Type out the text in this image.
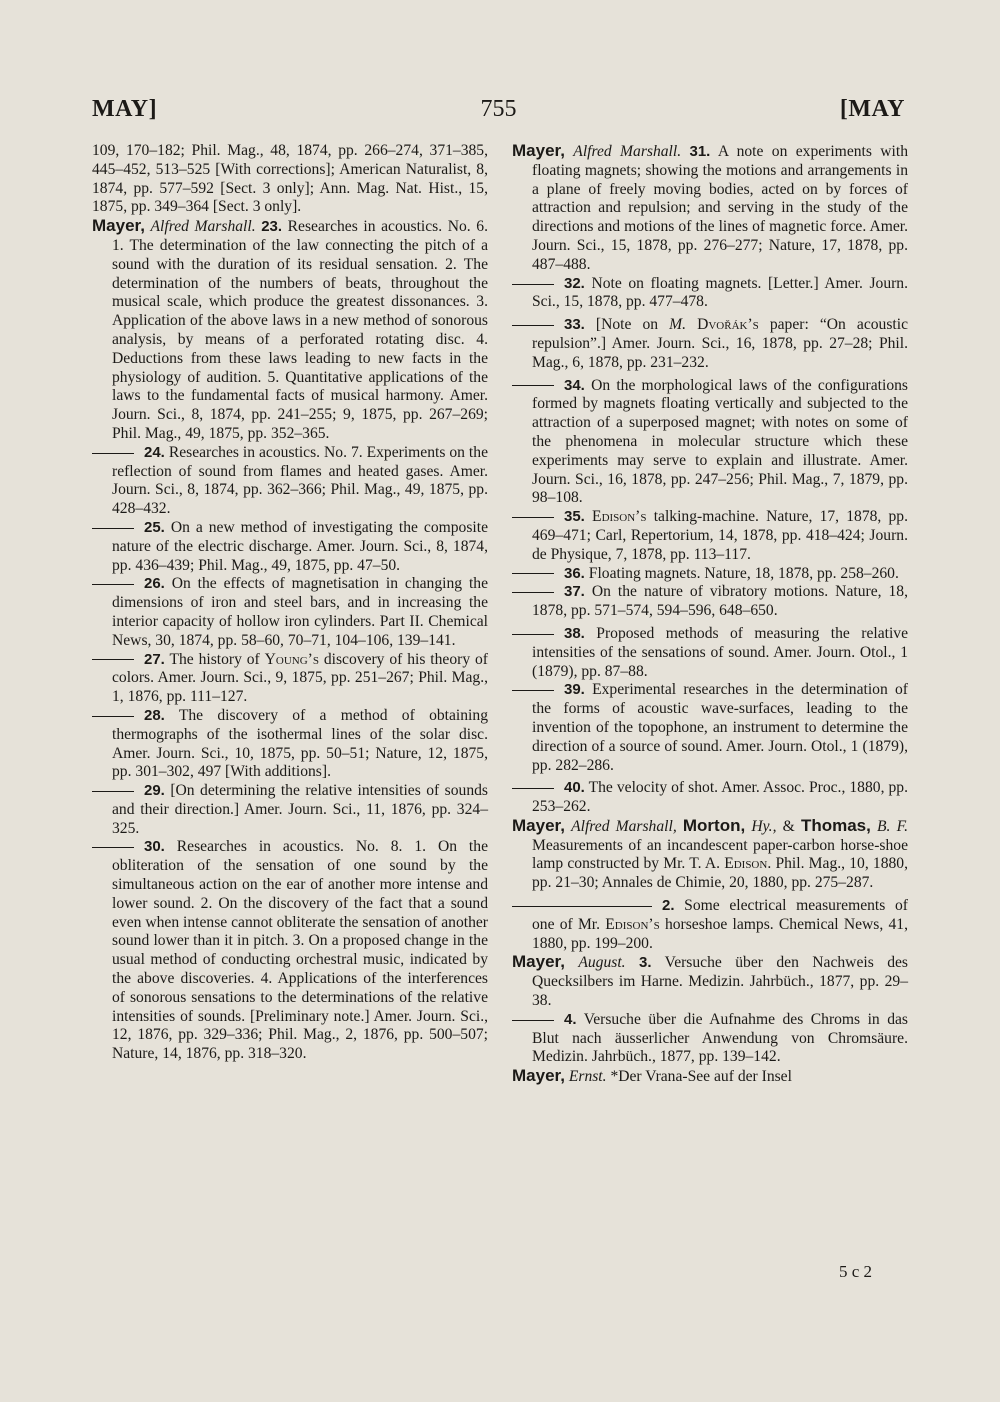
MAY]	755	[MAY

109, 170–182; Phil. Mag., 48, 1874, pp. 266–274, 371–385, 445–452, 513–525 [With corrections]; American Naturalist, 8, 1874, pp. 577–592 [Sect. 3 only]; Ann. Mag. Nat. Hist., 15, 1875, pp. 349–364 [Sect. 3 only].

Mayer, Alfred Marshall. 23. Researches in acoustics. No. 6. 1. The determination of the law connecting the pitch of a sound with the duration of its residual sensation. 2. The determination of the numbers of beats, throughout the musical scale, which produce the greatest dissonances. 3. Application of the above laws in a new method of sonorous analysis, by means of a perforated rotating disc. 4. Deductions from these laws leading to new facts in the physiology of audition. 5. Quantitative applications of the laws to the fundamental facts of musical harmony. Amer. Journ. Sci., 8, 1874, pp. 241–255; 9, 1875, pp. 267–269; Phil. Mag., 49, 1875, pp. 352–365.

24. Researches in acoustics. No. 7. Experiments on the reflection of sound from flames and heated gases. Amer. Journ. Sci., 8, 1874, pp. 362–366; Phil. Mag., 49, 1875, pp. 428–432.

25. On a new method of investigating the composite nature of the electric discharge. Amer. Journ. Sci., 8, 1874, pp. 436–439; Phil. Mag., 49, 1875, pp. 47–50.

26. On the effects of magnetisation in changing the dimensions of iron and steel bars, and in increasing the interior capacity of hollow iron cylinders. Part II. Chemical News, 30, 1874, pp. 58–60, 70–71, 104–106, 139–141.

27. The history of Young’s discovery of his theory of colors. Amer. Journ. Sci., 9, 1875, pp. 251–267; Phil. Mag., 1, 1876, pp. 111–127.

28. The discovery of a method of obtaining thermographs of the isothermal lines of the solar disc. Amer. Journ. Sci., 10, 1875, pp. 50–51; Nature, 12, 1875, pp. 301–302, 497 [With additions].

29. [On determining the relative intensities of sounds and their direction.] Amer. Journ. Sci., 11, 1876, pp. 324–325.

30. Researches in acoustics. No. 8. 1. On the obliteration of the sensation of one sound by the simultaneous action on the ear of another more intense and lower sound. 2. On the discovery of the fact that a sound even when intense cannot obliterate the sensation of another sound lower than it in pitch. 3. On a proposed change in the usual method of conducting orchestral music, indicated by the above discoveries. 4. Applications of the interferences of sonorous sensations to the determinations of the relative intensities of sounds. [Preliminary note.] Amer. Journ. Sci., 12, 1876, pp. 329–336; Phil. Mag., 2, 1876, pp. 500–507; Nature, 14, 1876, pp. 318–320.

Mayer, Alfred Marshall. 31. A note on experiments with floating magnets; showing the motions and arrangements in a plane of freely moving bodies, acted on by forces of attraction and repulsion; and serving in the study of the directions and motions of the lines of magnetic force. Amer. Journ. Sci., 15, 1878, pp. 276–277; Nature, 17, 1878, pp. 487–488.

32. Note on floating magnets. [Letter.] Amer. Journ. Sci., 15, 1878, pp. 477–478.

33. [Note on M. Dvořák’s paper: “On acoustic repulsion”.] Amer. Journ. Sci., 16, 1878, pp. 27–28; Phil. Mag., 6, 1878, pp. 231–232.

34. On the morphological laws of the configurations formed by magnets floating vertically and subjected to the attraction of a superposed magnet; with notes on some of the phenomena in molecular structure which these experiments may serve to explain and illustrate. Amer. Journ. Sci., 16, 1878, pp. 247–256; Phil. Mag., 7, 1879, pp. 98–108.

35. Edison’s talking-machine. Nature, 17, 1878, pp. 469–471; Carl, Repertorium, 14, 1878, pp. 418–424; Journ. de Physique, 7, 1878, pp. 113–117.

36. Floating magnets. Nature, 18, 1878, pp. 258–260.

37. On the nature of vibratory motions. Nature, 18, 1878, pp. 571–574, 594–596, 648–650.

38. Proposed methods of measuring the relative intensities of the sensations of sound. Amer. Journ. Otol., 1 (1879), pp. 87–88.

39. Experimental researches in the determination of the forms of acoustic wave-surfaces, leading to the invention of the topophone, an instrument to determine the direction of a source of sound. Amer. Journ. Otol., 1 (1879), pp. 282–286.

40. The velocity of shot. Amer. Assoc. Proc., 1880, pp. 253–262.

Mayer, Alfred Marshall, Morton, Hy., & Thomas, B. F. Measurements of an incandescent paper-carbon horse-shoe lamp constructed by Mr. T. A. Edison. Phil. Mag., 10, 1880, pp. 21–30; Annales de Chimie, 20, 1880, pp. 275–287.

2. Some electrical measurements of one of Mr. Edison’s horseshoe lamps. Chemical News, 41, 1880, pp. 199–200.

Mayer, August. 3. Versuche über den Nachweis des Quecksilbers im Harne. Medizin. Jahrbüch., 1877, pp. 29–38.

4. Versuche über die Aufnahme des Chroms in das Blut nach äusserlicher Anwendung von Chromsäure. Medizin. Jahrbüch., 1877, pp. 139–142.

Mayer, Ernst. *Der Vrana-See auf der Insel

5 c 2
